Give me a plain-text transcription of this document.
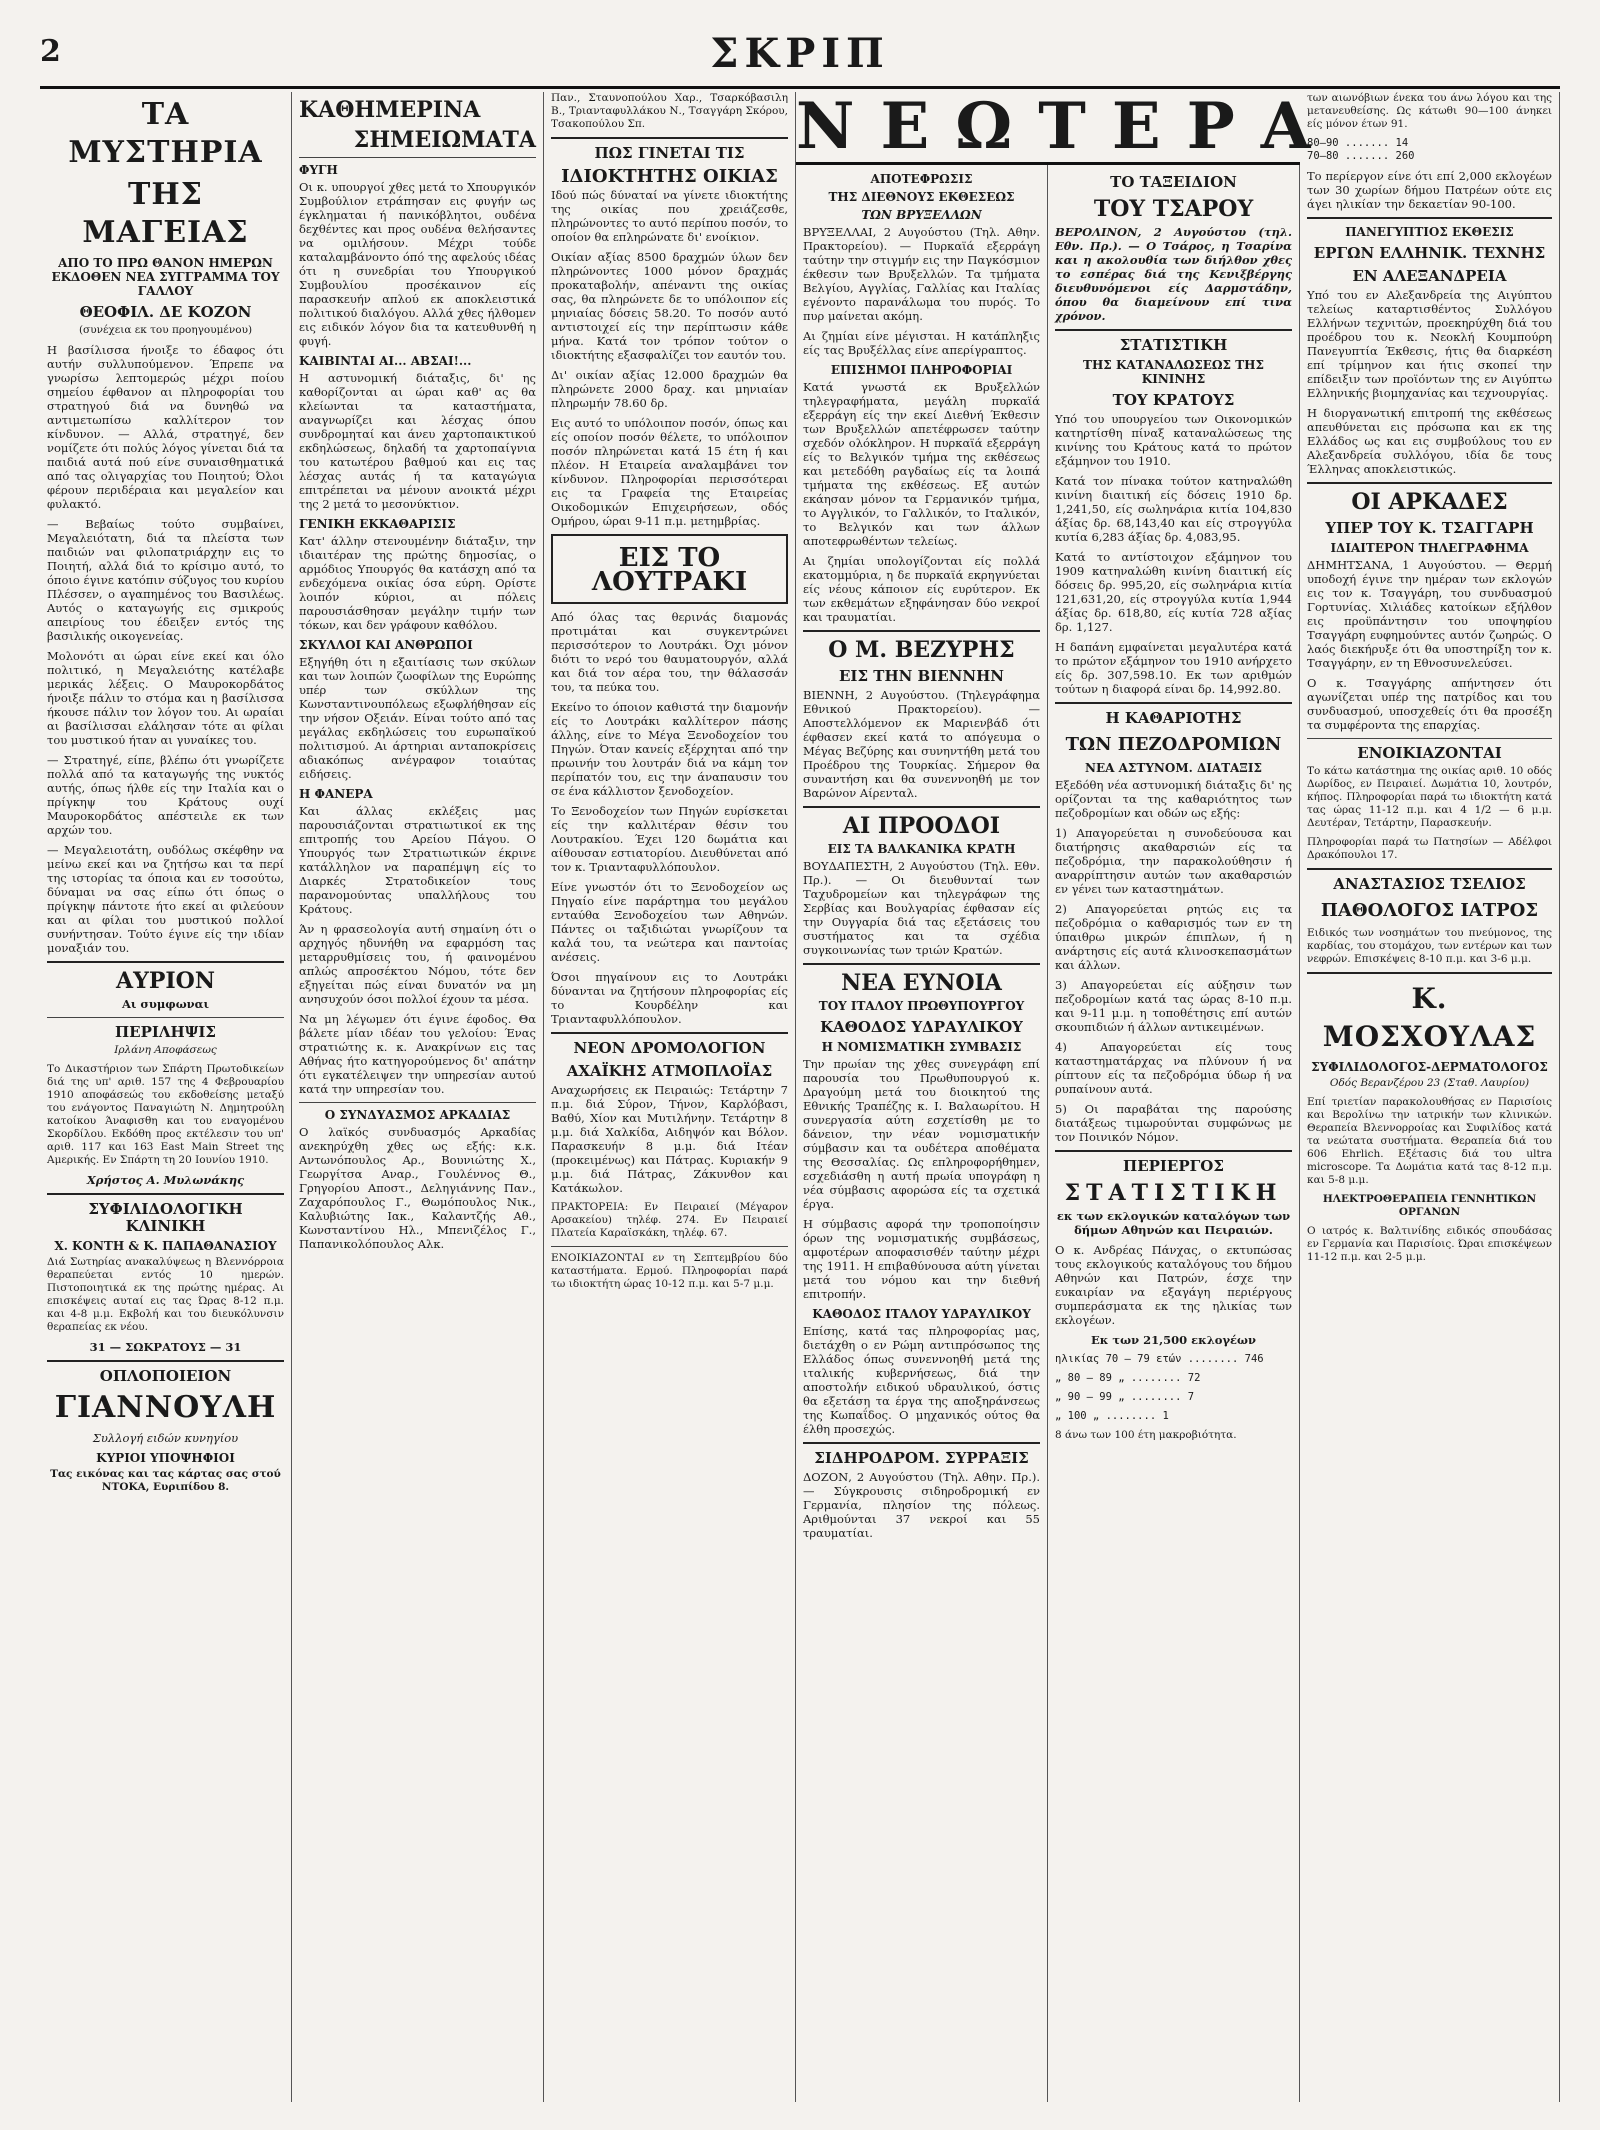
2	ΣΚΡΙΠ
ΤΑ ΜΥΣΤΗΡΙΑ
ΤΗΣ ΜΑΓΕΙΑΣ
ΑΠΟ ΤΟ ΠΡΩ ΘΑΝΟΝ ΗΜΕΡΩΝ ΕΚΔΟΘΕΝ ΝΕΑ ΣΥΓΓΡΑΜΜΑ ΤΟΥ ΓΑΛΛΟΥ
ΘΕΟΦΙΛ. ΔΕ ΚΟΖΟΝ

(συνέχεια εκ του προηγουμένου)

Η βασίλισσα ήνοιξε το έδαφος ότι αυτήν συλλυπούμενον. Έπρεπε να γνωρίσω λεπτομερώς μέχρι ποίου σημείου έφθανον αι πληροφορίαι του στρατηγού διά να δυνηθώ να αντιμετωπίσω καλλίτερον τον κίνδυνον. — Αλλά, στρατηγέ, δεν νομίζετε ότι πολύς λόγος γίνεται διά τα παιδιά αυτά πού είνε συναισθηματικά από τας ολιγαρχίας του Ποιητού; Όλοι φέρουν περιδέραια και μεγαλείον και φυλακτό.

— Βεβαίως τούτο συμβαίνει, Μεγαλειότατη, διά τα πλείστα των παιδιών ναι φιλοπατριάρχην εις το Ποιητή, αλλά διά το κρίσιμο αυτό, το όποιο έγινε κατόπιν σύζυγος του κυρίου Πλέσσεν, ο αγαπημένος του Βασιλέως. Αυτός ο καταγωγής εις σμικρούς απειρίους του έδειξεν εντός της βασιλικής οικογενείας.

Μολονότι αι ώραι είνε εκεί και όλο πολιτικό, η Μεγαλειότης κατέλαβε μερικάς λέξεις. Ο Μαυροκορδάτος ήνοιξε πάλιν το στόμα και η βασίλισσα ήκουσε πάλιν τον λόγον του. Αι ωραίαι αι βασίλισσαι ελάλησαν τότε αι φίλαι του μυστικού ήταν αι γυναίκες του.

— Στρατηγέ, είπε, βλέπω ότι γνωρίζετε πολλά από τα καταγωγής της νυκτός αυτής, όπως ήλθε είς την Ιταλία και ο πρίγκηψ του Κράτους ουχί Μαυροκορδάτος απέστειλε εκ των αρχών του.

— Μεγαλειοτάτη, ουδόλως σκέφθην να μείνω εκεί και να ζητήσω και τα περί της ιστορίας τα όποια και εν τοσούτω, δύναμαι να σας είπω ότι όπως ο πρίγκηψ πάντοτε ήτο εκεί αι φιλεύουν και αι φίλαι του μυστικού πολλοί συνήντησαν. Τούτο έγινε είς την ιδίαν μοναξιάν του.

ΑΥΡΙΟΝ

Αι συμφωναι

ΠΕΡΙΛΗΨΙΣ

Ιρλάνη Αποφάσεως

Το Δικαστήριον των Σπάρτη Πρωτοδικείων διά της υπ' αριθ. 157 της 4 Φεβρουαρίου 1910 αποφάσεώς του εκδοθείσης μεταξύ του ενάγοντος Παναγιώτη Ν. Δημητρούλη κατοίκου Άναφισθη και του εναγομένου Σκορδίλου. Εκδόθη προς εκτέλεσιν του υπ' αριθ. 117 και 163 East Main Street της Αμερικής. Εν Σπάρτη τη 20 Ιουνίου 1910.

Χρήστος Α. Μυλωνάκης

ΣΥΦΙΛΙΔΟΛΟΓΙΚΗ ΚΛΙΝΙΚΗ
Χ. ΚΟΝΤΗ & Κ. ΠΑΠΑΘΑΝΑΣΙΟΥ

Διά Σωτηρίας ανακαλύψεως η Βλεννόρροια θεραπεύεται εντός 10 ημερών. Πιστοποιητικά εκ της πρώτης ημέρας. Αι επισκέψεις αυταί εις τας Ώρας 8-12 π.μ. και 4-8 μ.μ. Εκβολή και του διευκόλυνσιν θεραπείας εκ νέου.

31 — ΣΩΚΡΑΤΟΥΣ — 31

ΟΠΛΟΠΟΙΕΙΟΝ
ΓΙΑΝΝΟΥΛΗ

Συλλογή ειδών κυνηγίου

ΚΥΡΙΟΙ ΥΠΟΨΗΦΙΟΙ

Τας εικόνας και τας κάρτας σας στού ΝΤΟΚΑ, Ευριπίδου 8.

ΚΑΘΗΜΕΡΙΝΑ
ΣΗΜΕΙΩΜΑΤΑ
ΦΥΓΗ

Οι κ. υπουργοί χθες μετά το Χπουργικόν Συμβούλιον ετράπησαν εις φυγήν ως έγκλημαται ή πανικόβλητοι, ουδένα δεχθέντες και προς ουδένα θελήσαντες να ομιλήσουν. Μέχρι τούδε καταλαμβάνοντο όπό της αφελούς ιδέας ότι η συνεδρίαι του Υπουργικού Συμβουλίου προσέκαινον είς παρασκευήν απλού εκ αποκλειστικά πολιτικού διαλόγου. Αλλά χθες ήλθομεν εις ειδικόν λόγον δια τα κατευθυνθή η φυγή.

ΚΑΙΒΙΝΤΑΙ ΑΙ... ΑΒΣΑΙ!...

Η αστυνομική διάταξις, δι' ης καθορίζονται αι ώραι καθ' ας θα κλείωνται τα καταστήματα, αναγνωρίζει και λέσχας όπου συνδρομηταί και άνευ χαρτοπαικτικού εκδηλώσεως, δηλαδή τα χαρτοπαίγνια του κατωτέρου βαθμού και εις τας λέσχας αυτάς ή τα καταγώγια επιτρέπεται να μένουν ανοικτά μέχρι της 2 μετά το μεσονύκτιον.

ΓΕΝΙΚΗ ΕΚΚΑΘΑΡΙΣΙΣ

Κατ' άλλην στενουμένην διάταξιν, την ιδιαιτέραν της πρώτης δημοσίας, ο αρμόδιος Υπουργός θα κατάσχη από τα ενδεχόμενα οικίας όσα εύρη. Ορίστε λοιπόν κύριοι, αι πόλεις παρουσιάσθησαν μεγάλην τιμήν των τόκων, και δεν γράφουν καθόλου.

ΣΚΥΛΛΟΙ ΚΑΙ ΑΝΘΡΩΠΟΙ

Εξηγήθη ότι η εξαιτίασις των σκύλων και των λοιπών ζωοφίλων της Ευρώπης υπέρ των σκύλλων της Κωνσταντινουπόλεως εξωφλήθησαν είς την νήσον Οξειάν. Είναι τούτο από τας μεγάλας εκδηλώσεις του ευρωπαϊκού πολιτισμού. Αι άρτηριαι ανταποκρίσεις αδιακόπως ανέγραφον τοιαύτας ειδήσεις.

Η ΦΑΝΕΡΑ

Και άλλας εκλέξεις μας παρουσιάζονται στρατιωτικοί εκ της επιτροπής του Αρείου Πάγου. Ο Υπουργός των Στρατιωτικών έκρινε κατάλληλον να παραπέμψη είς το Διαρκές Στρατοδικείον τους παρανομούντας υπαλλήλους του Κράτους.

Άν η φρασεολογία αυτή σημαίνη ότι ο αρχηγός ηδυνήθη να εφαρμόση τας μεταρρυθμίσεις του, ή φαινομένου απλώς απροσέκτου Νόμου, τότε δεν εξηγείται πώς είναι δυνατόν να μη ανησυχούν όσοι πολλοί έχουν τα μέσα.

Να μη λέγωμεν ότι έγινε έφοδος. Θα βάλετε μίαν ιδέαν του γελοίου: Ένας στρατιώτης κ. κ. Ανακρίνων εις τας Αθήνας ήτο κατηγορούμενος δι' απάτην ότι εγκατέλειψεν την υπηρεσίαν αυτού κατά την υπηρεσίαν του.

Ο ΣΥΝΔΥΑΣΜΟΣ ΑΡΚΑΔΙΑΣ

Ο λαϊκός συνδυασμός Αρκαδίας ανεκηρύχθη χθες ως εξής: κ.κ. Αντωνόπουλος Αρ., Βουνιώτης Χ., Γεωργίτσα Αναρ., Γουλέννος Θ., Γρηγορίου Αποστ., Δεληγιάννης Παν., Ζαχαρόπουλος Γ., Θωμόπουλος Νικ., Καλυβιώτης Ιακ., Καλαντζής Αθ., Κωνσταντίνου Ηλ., Μπενιζέλος Γ., Παπανικολόπουλος Αλκ.

Παν., Σταυνοπούλου Χαρ., Τσαρκόβασιλη Β., Τριανταφυλλάκου Ν., Τσαγγάρη Σκόρου, Τσακοπούλου Σπ.

ΠΩΣ ΓΙΝΕΤΑΙ ΤΙΣ
ΙΔΙΟΚΤΗΤΗΣ ΟΙΚΙΑΣ

Ιδού πώς δύναταί να γίνετε ιδιοκτήτης της οικίας που χρειάζεσθε, πληρώνοντες το αυτό περίπου ποσόν, το οποίον θα επληρώνατε δι' ενοίκιον.

Οικίαν αξίας 8500 δραχμών ύλων δεν πληρώνοντες 1000 μόνον δραχμάς προκαταβολήν, απέναντι της οικίας σας, θα πληρώνετε δε το υπόλοιπον είς μηνιαίας δόσεις 58.20. Το ποσόν αυτό αντιστοιχεί είς την περίπτωσιν κάθε μήνα. Κατά τον τρόπον τούτον ο ιδιοκτήτης εξασφαλίζει τον εαυτόν του.

Δι' οικίαν αξίας 12.000 δραχμών θα πληρώνετε 2000 δραχ. και μηνιαίαν πληρωμήν 78.60 δρ.

Εις αυτό το υπόλοιπον ποσόν, όπως και είς οποίον ποσόν θέλετε, το υπόλοιπον ποσόν πληρώνεται κατά 15 έτη ή και πλέον. Η Εταιρεία αναλαμβάνει τον κίνδυνον. Πληροφορίαι περισσότεραι εις τα Γραφεία της Εταιρείας Οικοδομικών Επιχειρήσεων, οδός Ομήρου, ώραι 9-11 π.μ. μετημβρίας.

ΕΙΣ ΤΟ ΛΟΥΤΡΑΚΙ

Από όλας τας θερινάς διαμονάς προτιμάται και συγκεντρώνει περισσότερον το Λουτράκι. Όχι μόνον διότι το νερό του θαυματουργόν, αλλά και διά τον αέρα του, την θάλασσάν του, τα πεύκα του.

Εκείνο το όποιον καθιστά την διαμονήν είς το Λουτράκι καλλίτερον πάσης άλλης, είνε το Μέγα Ξενοδοχείον του Πηγών. Όταν κανείς εξέρχηται από την πρωινήν του λουτράν διά να κάμη τον περίπατόν του, εις την άναπαυσιν του σε ένα κάλλιστον ξενοδοχείον.

Το Ξενοδοχείον των Πηγών ευρίσκεται είς την καλλιτέραν θέσιν του Λουτρακίου. Έχει 120 δωμάτια και αίθουσαν εστιατορίου. Διευθύνεται από τον κ. Τριανταφυλλόπουλον.

Είνε γνωστόν ότι το Ξενοδοχείον ως Πηγαίο είνε παράρτημα του μεγάλου ενταύθα Ξενοδοχείου των Αθηνών. Πάντες οι ταξιδιώται γνωρίζουν τα καλά του, τα νεώτερα και παντοίας ανέσεις.

Όσοι πηγαίνουν εις το Λουτράκι δύνανται να ζητήσουν πληροφορίας είς το Κουρδέλην και Τριανταφυλλόπουλον.

ΝΕΟΝ ΔΡΟΜΟΛΟΓΙΟΝ
ΑΧΑΪΚΗΣ ΑΤΜΟΠΛΟΪΑΣ

Αναχωρήσεις εκ Πειραιώς: Τετάρτην 7 π.μ. διά Σύρον, Τήνον, Καρλόβασι, Βαθύ, Χίον και Μυτιλήνην. Τετάρτην 8 μ.μ. διά Χαλκίδα, Αιδηψόν και Βόλον. Παρασκευήν 8 μ.μ. διά Ιτέαν (προκειμένως) και Πάτρας. Κυριακήν 9 μ.μ. διά Πάτρας, Ζάκυνθον και Κατάκωλον.

ΠΡΑΚΤΟΡΕΙΑ: Εν Πειραιεί (Μέγαρον Αρσακείου) τηλέφ. 274. Εν Πειραιεί Πλατεία Καραϊσκάκη, τηλέφ. 67.

ΕΝΟΙΚΙΑΖΟΝΤΑΙ εν τη Σεπτεμβρίου δύο καταστήματα. Ερμού. Πληροφορίαι παρά τω ιδιοκτήτη ώρας 10-12 π.μ. και 5-7 μ.μ.

ΑΠΟΤΕΦΡΩΣΙΣ
ΤΗΣ ΔΙΕΘΝΟΥΣ ΕΚΘΕΣΕΩΣ
ΤΩΝ ΒΡΥΞΕΛΛΩΝ

ΒΡΥΞΕΛΛΑΙ, 2 Αυγούστου (Τηλ. Αθην. Πρακτορείου). — Πυρκαϊά εξερράγη ταύτην την στιγμήν εις την Παγκόσμιον έκθεσιν των Βρυξελλών. Τα τμήματα Βελγίου, Αγγλίας, Γαλλίας και Ιταλίας εγένοντο παρανάλωμα του πυρός. Το πυρ μαίνεται ακόμη.

Αι ζημίαι είνε μέγισται. Η κατάπληξις είς τας Βρυξέλλας είνε απερίγραπτος.

ΕΠΙΣΗΜΟΙ ΠΛΗΡΟΦΟΡΙΑΙ

Κατά γνωστά εκ Βρυξελλών τηλεγραφήματα, μεγάλη πυρκαϊά εξερράγη είς την εκεί Διεθνή Έκθεσιν των Βρυξελλών απετέφρωσεν ταύτην σχεδόν ολόκληρον. Η πυρκαϊά εξερράγη είς το Βελγικόν τμήμα της εκθέσεως και μετεδόθη ραγδαίως είς τα λοιπά τμήματα της εκθέσεως. Εξ αυτών εκάησαν μόνον τα Γερμανικόν τμήμα, το Αγγλικόν, το Γαλλικόν, το Ιταλικόν, το Βελγικόν και των άλλων αποτεφρωθέντων τελείως.

Αι ζημίαι υπολογίζονται είς πολλά εκατομμύρια, η δε πυρκαϊά εκρηγνύεται είς νέους κάποιον είς ευρύτερον. Εκ των εκθεμάτων εξηφάνησαν δύο νεκροί και τραυματίαι.

Ο Μ. ΒΕΖΥΡΗΣ
ΕΙΣ ΤΗΝ ΒΙΕΝΝΗΝ

ΒΙΕΝΝΗ, 2 Αυγούστου. (Τηλεγράφημα Εθνικού Πρακτορείου). — Αποστελλόμενον εκ Μαριενβάδ ότι έφθασεν εκεί κατά το απόγευμα ο Μέγας Βεζύρης και συνηντήθη μετά του Προέδρου της Τουρκίας. Σήμερον θα συναντήση και θα συνεννοηθή με τον Βαρώνον Αίρενταλ.

ΑΙ ΠΡΟΟΔΟΙ
ΕΙΣ ΤΑ ΒΑΛΚΑΝΙΚΑ ΚΡΑΤΗ

ΒΟΥΔΑΠΕΣΤΗ, 2 Αυγούστου (Τηλ. Εθν. Πρ.). — Οι διευθυνταί των Ταχυδρομείων και τηλεγράφων της Σερβίας και Βουλγαρίας έφθασαν είς την Ουγγαρία διά τας εξετάσεις του συστήματος και τα σχέδια συγκοινωνίας των τριών Κρατών.

ΝΕΑ ΕΥΝΟΙΑ
ΤΟΥ ΙΤΑΛΟΥ ΠΡΩΘΥΠΟΥΡΓΟΥ
ΚΑΘΟΔΟΣ ΥΔΡΑΥΛΙΚΟΥ
Η ΝΟΜΙΣΜΑΤΙΚΗ ΣΥΜΒΑΣΙΣ

Την πρωίαν της χθες συνεγράφη επί παρουσία του Πρωθυπουργού κ. Δραγούμη μετά του διοικητού της Εθνικής Τραπέζης κ. Ι. Βαλαωρίτου. Η συνεργασία αύτη εσχετίσθη με το δάνειον, την νέαν νομισματικήν σύμβασιν και τα ουδέτερα αποθέματα της Θεσσαλίας. Ως επληροφορήθημεν, εσχεδιάσθη η αυτή πρωία υπογράφη η νέα σύμβασις αφορώσα είς τα σχετικά έργα.

Η σύμβασις αφορά την τροποποίησιν όρων της νομισματικής συμβάσεως, αμφοτέρων αποφασισθέν ταύτην μέχρι της 1911. Η επιβαθύνουσα αύτη γίνεται μετά του νόμου και την διεθνή επιτροπήν.

ΚΑΘΟΔΟΣ ΙΤΑΛΟΥ ΥΔΡΑΥΛΙΚΟΥ

Επίσης, κατά τας πληροφορίας μας, διετάχθη ο εν Ρώμη αντιπρόσωπος της Ελλάδος όπως συνεννοηθή μετά της ιταλικής κυβερνήσεως, διά την αποστολήν ειδικού υδραυλικού, όστις θα εξετάση τα έργα της αποξηράνσεως της Κωπαΐδος. Ο μηχανικός ούτος θα έλθη προσεχώς.

ΣΙΔΗΡΟΔΡΟΜ. ΣΥΡΡΑΞΙΣ

ΔΟΖΟΝ, 2 Αυγούστου (Τηλ. Αθην. Πρ.). — Σύγκρουσις σιδηροδρομική εν Γερμανία, πλησίον της πόλεως. Αριθμούνται 37 νεκροί και 55 τραυματίαι.

ΤΟ ΤΑΞΕΙΔΙΟΝ
ΤΟΥ ΤΣΑΡΟΥ

ΒΕΡΟΛΙΝΟΝ, 2 Αυγούστου (τηλ. Εθν. Πρ.). — Ο Τσάρος, η Τσαρίνα και η ακολουθία των διήλθον χθες το εσπέρας διά της Κενιξβέργης διευθυνόμενοι είς Δαρμστάδην, όπου θα διαμείνουν επί τινα χρόνον.

ΣΤΑΤΙΣΤΙΚΗ
ΤΗΣ ΚΑΤΑΝΑΛΩΣΕΩΣ ΤΗΣ ΚΙΝΙΝΗΣ
ΤΟΥ ΚΡΑΤΟΥΣ

Υπό του υπουργείου των Οικονομικών κατηρτίσθη πίναξ καταναλώσεως της κινίνης του Κράτους κατά το πρώτον εξάμηνον του 1910.

Κατά τον πίνακα τούτον κατηναλώθη κινίνη διαιτική είς δόσεις 1910 δρ. 1,241,50, είς σωληνάρια κιτία 104,830 άξίας δρ. 68,143,40 και είς στρογγύλα κυτία 6,283 άξίας δρ. 4,083,95.

Κατά το αντίστοιχον εξάμηνον του 1909 κατηναλώθη κινίνη διαιτική είς δόσεις δρ. 995,20, είς σωληνάρια κιτία 121,631,20, είς στρογγύλα κυτία 1,944 άξίας δρ. 618,80, είς κυτία 728 αξίας δρ. 1,127.

Η δαπάνη εμφαίνεται μεγαλυτέρα κατά το πρώτον εξάμηνον του 1910 ανήρχετο είς δρ. 307,598.10. Εκ των αριθμών τούτων η διαφορά είναι δρ. 14,992.80.

Η ΚΑΘΑΡΙΟΤΗΣ
ΤΩΝ ΠΕΖΟΔΡΟΜΙΩΝ
ΝΕΑ ΑΣΤΥΝΟΜ. ΔΙΑΤΑΞΙΣ

Εξεδόθη νέα αστυνομική διάταξις δι' ης ορίζονται τα της καθαριότητος των πεζοδρομίων και οδών ως εξής:

1) Απαγορεύεται η συνοδεύουσα και διατήρησις ακαθαρσιών είς τα πεζοδρόμια, την παρακολούθησιν ή αναρρίπτησιν αυτών των ακαθαρσιών εν γένει των καταστημάτων.

2) Απαγορεύεται ρητώς εις τα πεζοδρόμια ο καθαρισμός των εν τη ύπαιθρω μικρών έπιπλων, ή η ανάρτησις είς αυτά κλινοσκεπασμάτων και άλλων.

3) Απαγορεύεται είς αύξησιν των πεζοδρομίων κατά τας ώρας 8-10 π.μ. και 9-11 μ.μ. η τοποθέτησις επί αυτών σκουπιδιών ή άλλων αντικειμένων.

4) Απαγορεύεται είς τους καταστηματάρχας να πλύνουν ή να ρίπτουν είς τα πεζοδρόμια ύδωρ ή να ρυπαίνουν αυτά.

5) Οι παραβάται της παρούσης διατάξεως τιμωρούνται συμφώνως με τον Ποινικόν Νόμον.

ΠΕΡΙΕΡΓΟΣ
ΣΤΑΤΙΣΤΙΚΗ

εκ των εκλογικών καταλόγων των δήμων Αθηνών και Πειραιών.

Ο κ. Ανδρέας Πάνχας, ο εκτυπώσας τους εκλογικούς καταλόγους του δήμου Αθηνών και Πατρών, έσχε την ευκαιρίαν να εξαγάγη περιέργους συμπεράσματα εκ της ηλικίας των εκλογέων.

Εκ των 21,500 εκλογέων

ηλικίας 70 — 79 ετών ........ 746

„ 80 — 89 „ ........ 72

„ 90 — 99 „ ........ 7

„ 100 „ ........ 1

8 άνω των 100 έτη μακροβιότητα.

των αιωνόβιων ένεκα του άνω λόγου και της μετανευθείσης. Ως κάτωθι 90—100 άνηκει είς μόνον έτων 91.

80—90 ....... 14
70—80 ....... 260

Το περίεργον είνε ότι επί 2,000 εκλογέων των 30 χωρίων δήμου Πατρέων ούτε εις άγει ηλικίαν την δεκαετίαν 90-100.

ΠΑΝΕΓΥΠΤΙΟΣ ΕΚΘΕΣΙΣ
ΕΡΓΩΝ ΕΛΛΗΝΙΚ. ΤΕΧΝΗΣ
ΕΝ ΑΛΕΞΑΝΔΡΕΙΑ

Υπό του εν Αλεξανδρεία της Αιγύπτου τελείως καταρτισθέντος Συλλόγου Ελλήνων τεχνιτών, προεκηρύχθη διά του προέδρου του κ. Νεοκλή Κουμπούρη Πανεγυπτία Έκθεσις, ήτις θα διαρκέση επί τρίμηνον και ήτις σκοπεί την επίδειξιν των προϊόντων της εν Αιγύπτω Ελληνικής βιομηχανίας και τεχνουργίας.

Η διοργανωτική επιτροπή της εκθέσεως απευθύνεται εις πρόσωπα και εκ της Ελλάδος ως και εις συμβούλους του εν Αλεξανδρεία συλλόγου, ιδία δε τους Έλληνας αποκλειστικώς.

ΟΙ ΑΡΚΑΔΕΣ
ΥΠΕΡ ΤΟΥ Κ. ΤΣΑΓΓΑΡΗ
ΙΔΙΑΙΤΕΡΟΝ ΤΗΛΕΓΡΑΦΗΜΑ

ΔΗΜΗΤΣΑΝΑ, 1 Αυγούστου. — Θερμή υποδοχή έγινε την ημέραν των εκλογών εις τον κ. Τσαγγάρη, του συνδυασμού Γορτυνίας. Χιλιάδες κατοίκων εξήλθον εις προϋπάντησιν του υποψηφίου Τσαγγάρη ευφημούντες αυτόν ζωηρώς. Ο λαός διεκήρυξε ότι θα υποστηρίξη τον κ. Τσαγγάρην, εν τη Εθνοσυνελεύσει.

Ο κ. Τσαγγάρης απήντησεν ότι αγωνίζεται υπέρ της πατρίδος και του συνδυασμού, υποσχεθείς ότι θα προσέξη τα συμφέροντα της επαρχίας.

ΕΝΟΙΚΙΑΖΟΝΤΑΙ

Το κάτω κατάστημα της οικίας αριθ. 10 οδός Δωρίδος, εν Πειραιεί. Δωμάτια 10, λουτρόν, κήπος. Πληροφορίαι παρά τω ιδιοκτήτη κατά τας ώρας 11-12 π.μ. και 4 1/2 — 6 μ.μ. Δευτέραν, Τετάρτην, Παρασκευήν.

Πληροφορίαι παρά τω Πατησίων — Αδέλφοι Δρακόπουλοι 17.

ΑΝΑΣΤΑΣΙΟΣ ΤΣΕΛΙΟΣ
ΠΑΘΟΛΟΓΟΣ ΙΑΤΡΟΣ

Ειδικός των νοσημάτων του πνεύμονος, της καρδίας, του στομάχου, των εντέρων και των νεφρών. Επισκέψεις 8-10 π.μ. και 3-6 μ.μ.

Κ. ΜΟΣΧΟΥΛΑΣ
ΣΥΦΙΛΙΔΟΛΟΓΟΣ-ΔΕΡΜΑΤΟΛΟΓΟΣ

Οδός Βερανζέρου 23 (Σταθ. Λαυρίου)

Επί τριετίαν παρακολουθήσας εν Παρισίοις και Βερολίνω την ιατρικήν των κλινικών. Θεραπεία Βλεννορροίας και Συφιλίδος κατά τα νεώτατα συστήματα. Θεραπεία διά του 606 Ehrlich. Εξέτασις διά του ultra microscope. Τα Δωμάτια κατά τας 8-12 π.μ. και 5-8 μ.μ.

ΗΛΕΚΤΡΟΘΕΡΑΠΕΙΑ ΓΕΝΝΗΤΙΚΩΝ ΟΡΓΑΝΩΝ

Ο ιατρός κ. Βαλτινίδης ειδικός σπουδάσας εν Γερμανία και Παρισίοις. Ώραι επισκέψεων 11-12 π.μ. και 2-5 μ.μ.

ΝΕΩΤΕΡΑ
